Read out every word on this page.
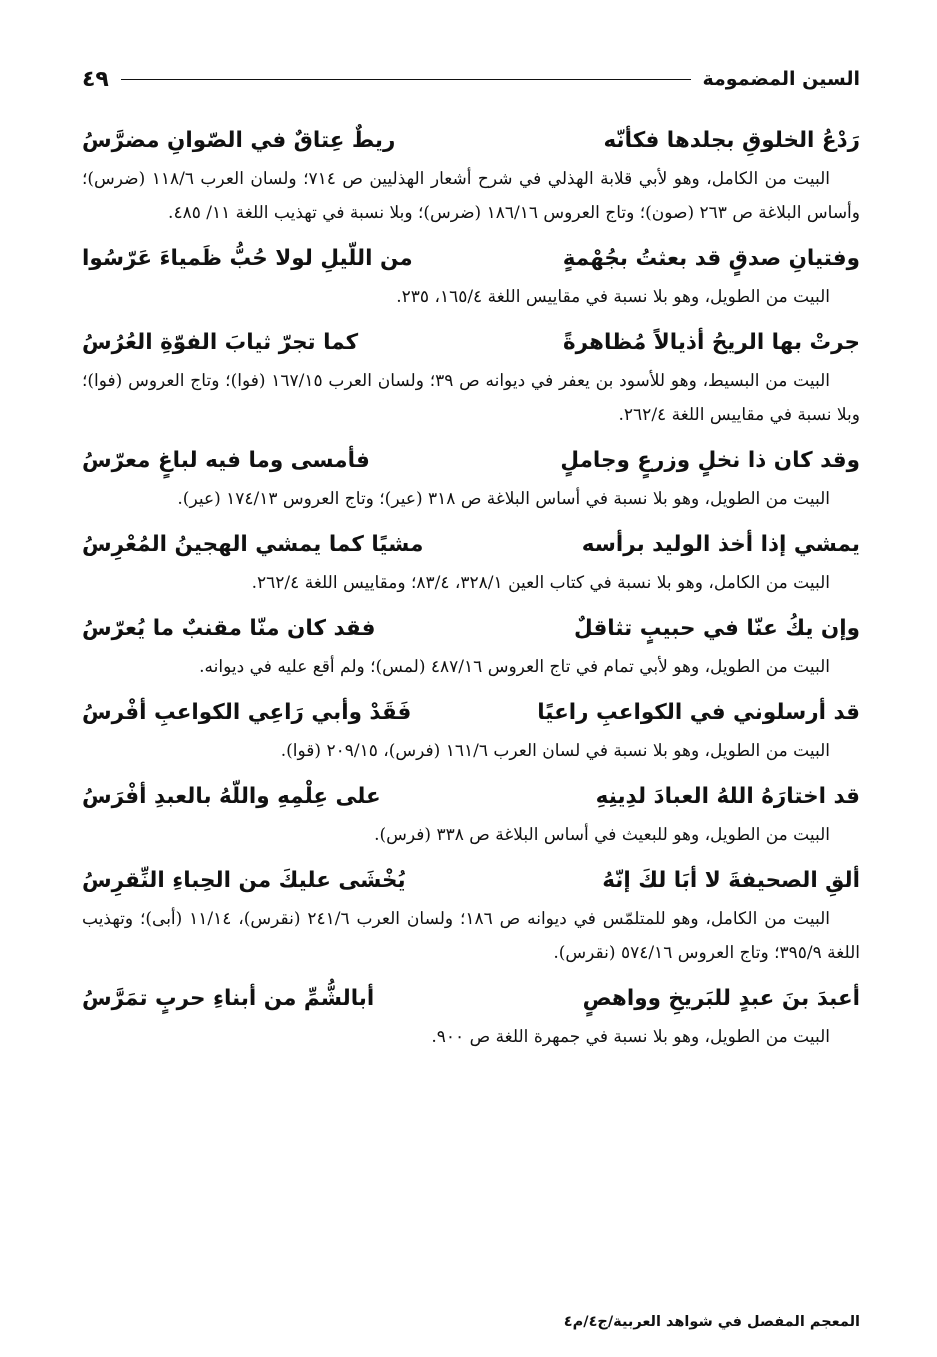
السين المضمومة
٤٩
رَدْعُ الخلوقِ بجلدها فكأنّه
ريطٌ عِتاقٌ في الصّوانِ مضرَّسُ

البيت من الكامل، وهو لأبي قلابة الهذلي في شرح أشعار الهذليين ص ٧١٤؛ ولسان العرب ١١٨/٦ (ضرس)؛ وأساس البلاغة ص ٢٦٣ (صون)؛ وتاج العروس ١٨٦/١٦ (ضرس)؛ وبلا نسبة في تهذيب اللغة ١١/ ٤٨٥.

وفتيانِ صدقٍ قد بعثتُ بجُهْمةٍ
من اللّيلِ لولا حُبُّ ظَمياءَ عَرّسُوا

البيت من الطويل، وهو بلا نسبة في مقاييس اللغة ١٦٥/٤، ٢٣٥.

جرتْ بها الريحُ أذيالاً مُظاهرةً
كما تجرّ ثيابَ الفوّةِ العُرُسُ

البيت من البسيط، وهو للأسود بن يعفر في ديوانه ص ٣٩؛ ولسان العرب ١٦٧/١٥ (فوا)؛ وتاج العروس (فوا)؛ وبلا نسبة في مقاييس اللغة ٢٦٢/٤.

وقد كان ذا نخلٍ وزرعٍ وجاملٍ
فأمسى وما فيه لباغٍ معرّسُ

البيت من الطويل، وهو بلا نسبة في أساس البلاغة ص ٣١٨ (عير)؛ وتاج العروس ١٧٤/١٣ (عير).

يمشي إذا أخذ الوليد برأسه
مشيًا كما يمشي الهجينُ المُعْرِسُ

البيت من الكامل، وهو بلا نسبة في كتاب العين ٣٢٨/١، ٨٣/٤؛ ومقاييس اللغة ٢٦٢/٤.

وإن يكُ عنّا في حبيبٍ تثاقلٌ
فقد كان منّا مقنبٌ ما يُعرّسُ

البيت من الطويل، وهو لأبي تمام في تاج العروس ٤٨٧/١٦ (لمس)؛ ولم أقع عليه في ديوانه.

قد أرسلوني في الكواعبِ راعيًا
فَقَدْ وأبي رَاعِي الكواعبِ أفْرسُ

البيت من الطويل، وهو بلا نسبة في لسان العرب ١٦١/٦ (فرس)، ٢٠٩/١٥ (قوا).

قد اختارَهُ اللهُ العبادَ لدِينِهِ
على عِلْمِهِ واللّهُ بالعبدِ أفْرَسُ

البيت من الطويل، وهو للبعيث في أساس البلاغة ص ٣٣٨ (فرس).

ألقِ الصحيفةَ لا أبَا لكَ إنّهُ
يُخْشَى عليكَ من الحِباءِ النِّقرِسُ

البيت من الكامل، وهو للمتلمّس في ديوانه ص ١٨٦؛ ولسان العرب ٢٤١/٦ (نقرس)، ١١/١٤ (أبى)؛ وتهذيب اللغة ٣٩٥/٩؛ وتاج العروس ٥٧٤/١٦ (نقرس).

أعبدَ بنَ عبدٍ للبَريخِ وواهصٍ
أبالشُّمِّ من أبناءِ حربٍ تمَرَّسُ

البيت من الطويل، وهو بلا نسبة في جمهرة اللغة ص ٩٠٠.

المعجم المفصل في شواهد العربية/ج٤/م٤
